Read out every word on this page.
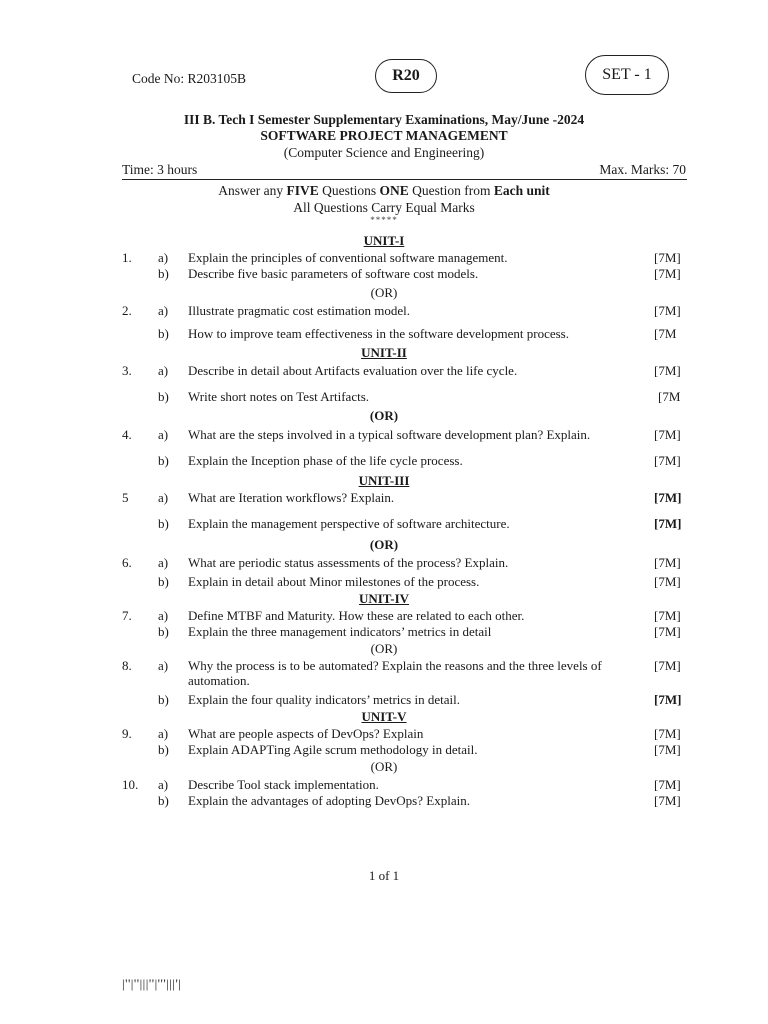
Code No: R203105B	R20	SET - 1
III B. Tech I Semester Supplementary Examinations, May/June -2024
SOFTWARE PROJECT MANAGEMENT
(Computer Science and Engineering)
Time: 3 hours	Max. Marks: 70
Answer any FIVE Questions ONE Question from Each unit
All Questions Carry Equal Marks
*****
UNIT-I
1. a) Explain the principles of conventional software management.	[7M]
b) Describe five basic parameters of software cost models.	[7M]
(OR)
2. a) Illustrate pragmatic cost estimation model.	[7M]
b) How to improve team effectiveness in the software development process.	[7M
UNIT-II
3. a) Describe in detail about Artifacts evaluation over the life cycle.	[7M]
b) Write short notes on Test Artifacts.	[7M
(OR)
4. a) What are the steps involved in a typical software development plan? Explain.	[7M]
b) Explain the Inception phase of the life cycle process.	[7M]
UNIT-III
5 a) What are Iteration workflows? Explain.	[7M]
b) Explain the management perspective of software architecture.	[7M]
(OR)
6. a) What are periodic status assessments of the process? Explain.	[7M]
b) Explain in detail about Minor milestones of the process.	[7M]
UNIT-IV
7. a) Define MTBF and Maturity. How these are related to each other.	[7M]
b) Explain the three management indicators’ metrics in detail	[7M]
(OR)
8. a) Why the process is to be automated? Explain the reasons and the three levels of automation.
[7M]
b) Explain the four quality indicators’ metrics in detail.	[7M]
UNIT-V
9. a) What are people aspects of DevOps? Explain	[7M]
b) Explain ADAPTing Agile scrum methodology in detail.	[7M]
(OR)
10. a) Describe Tool stack implementation.	[7M]
b) Explain the advantages of adopting DevOps? Explain.	[7M]
1 of 1
|''|''|||''|'''|||'|
